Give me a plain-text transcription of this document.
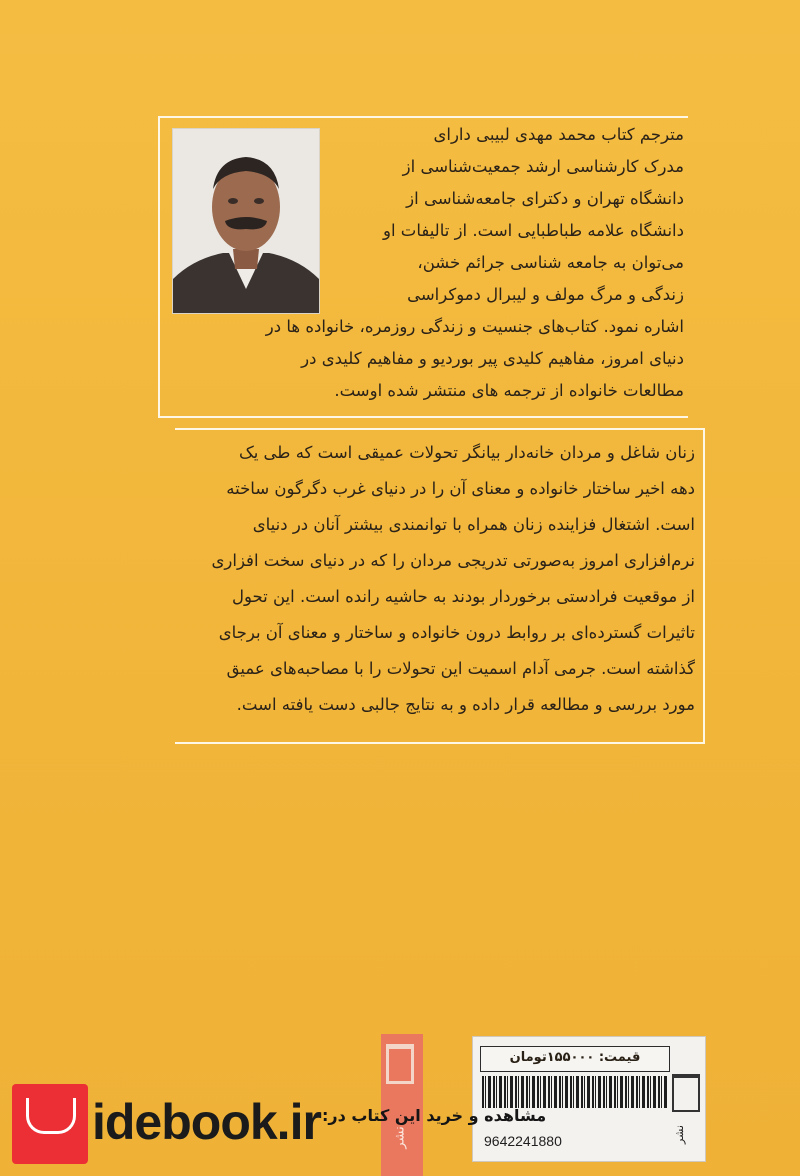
مترجم کتاب محمد مهدی لبیبی دارای
مدرک کارشناسی ارشد جمعیت‌شناسی از
دانشگاه تهران و دکترای جامعه‌شناسی از
دانشگاه علامه طباطبایی است. از تالیفات او
می‌توان به جامعه شناسی جرائم خشن،
زندگی و مرگ مولف و لیبرال دموکراسی
اشاره نمود. کتاب‌های جنسیت و زندگی روزمره، خانواده ها در
دنیای امروز، مفاهیم کلیدی پیر بوردیو و مفاهیم کلیدی در
مطالعات خانواده از ترجمه های منتشر شده اوست.
زنان شاغل و مردان خانه‌دار بیانگر تحولات عمیقی است که طی یک
دهه اخیر ساختار خانواده و معنای آن را در دنیای غرب دگرگون ساخته
است. اشتغال فزاینده زنان همراه با توانمندی بیشتر آنان در دنیای
نرم‌افزاری امروز به‌صورتی تدریجی مردان را که در دنیای سخت افزاری
از موقعیت فرادستی برخوردار بودند به حاشیه رانده است. این تحول
تاثیرات گسترده‌ای بر روابط درون خانواده و ساختار و معنای آن برجای
گذاشته است. جرمی آدام اسمیت این تحولات را با مصاحبه‌های عمیق
مورد بررسی و مطالعه قرار داده و به نتایج جالبی دست یافته است.
نشر
قیمت: ۱۵۵۰۰۰تومان
9642241880	نشر
idebook.ir مشاهده و خرید این کتاب در:
